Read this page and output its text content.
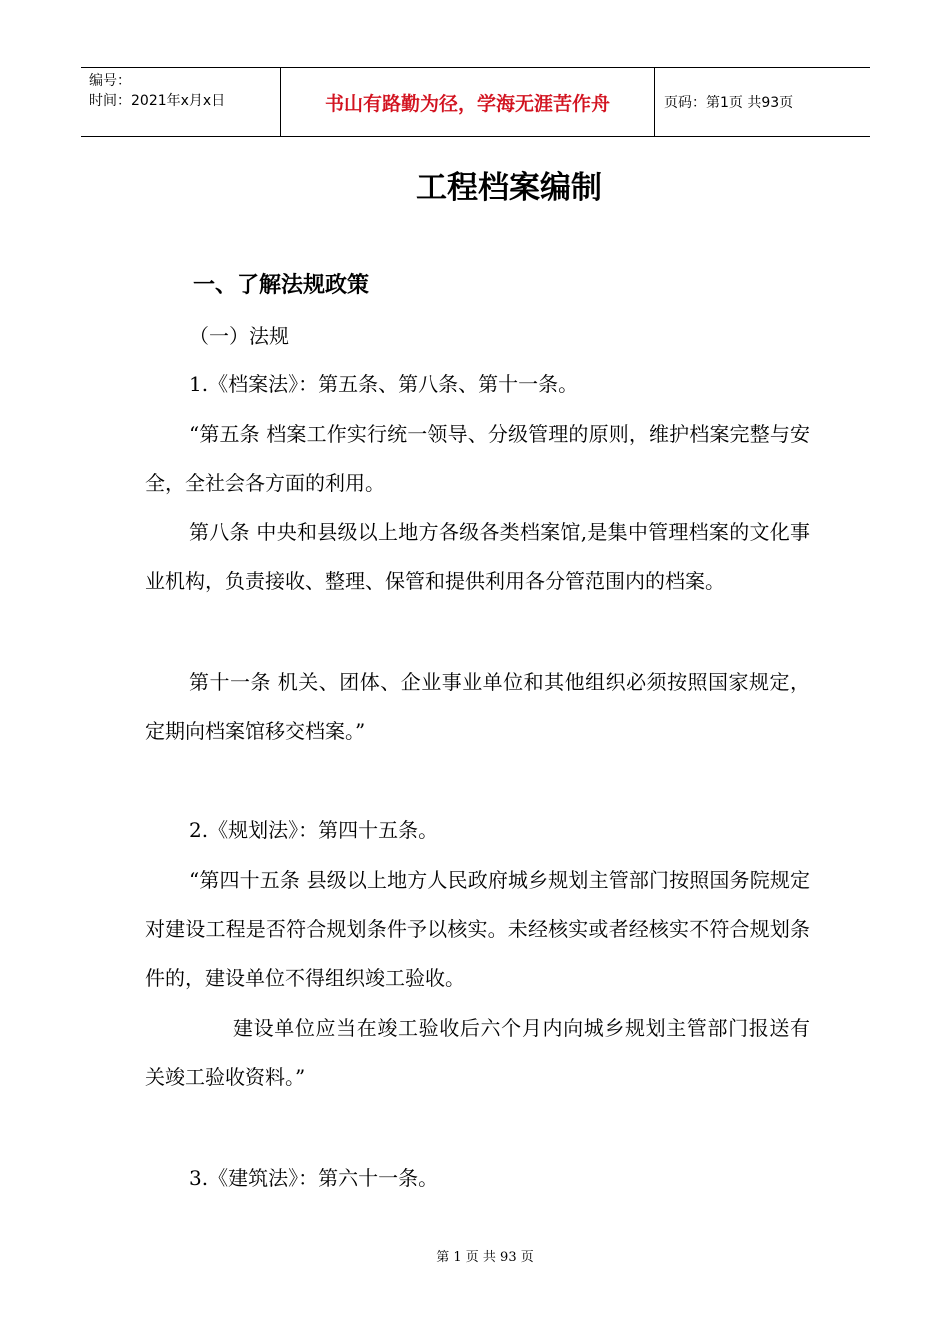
编号：
时间：2021年x月x日	书山有路勤为径，学海无涯苦作舟	页码：第1页 共93页
工程档案编制
一、了解法规政策

（一）法规

1.《档案法》：第五条、第八条、第十一条。

“第五条 档案工作实行统一领导、分级管理的原则，维护档案完整与安全，全社会各方面的利用。

第八条 中央和县级以上地方各级各类档案馆,是集中管理档案的文化事业机构，负责接收、整理、保管和提供利用各分管范围内的档案。

第十一条 机关、团体、企业事业单位和其他组织必须按照国家规定，定期向档案馆移交档案。”

2.《规划法》：第四十五条。

“第四十五条 县级以上地方人民政府城乡规划主管部门按照国务院规定对建设工程是否符合规划条件予以核实。未经核实或者经核实不符合规划条件的，建设单位不得组织竣工验收。

建设单位应当在竣工验收后六个月内向城乡规划主管部门报送有关竣工验收资料。”

3.《建筑法》：第六十一条。

第 1 页 共 93 页
